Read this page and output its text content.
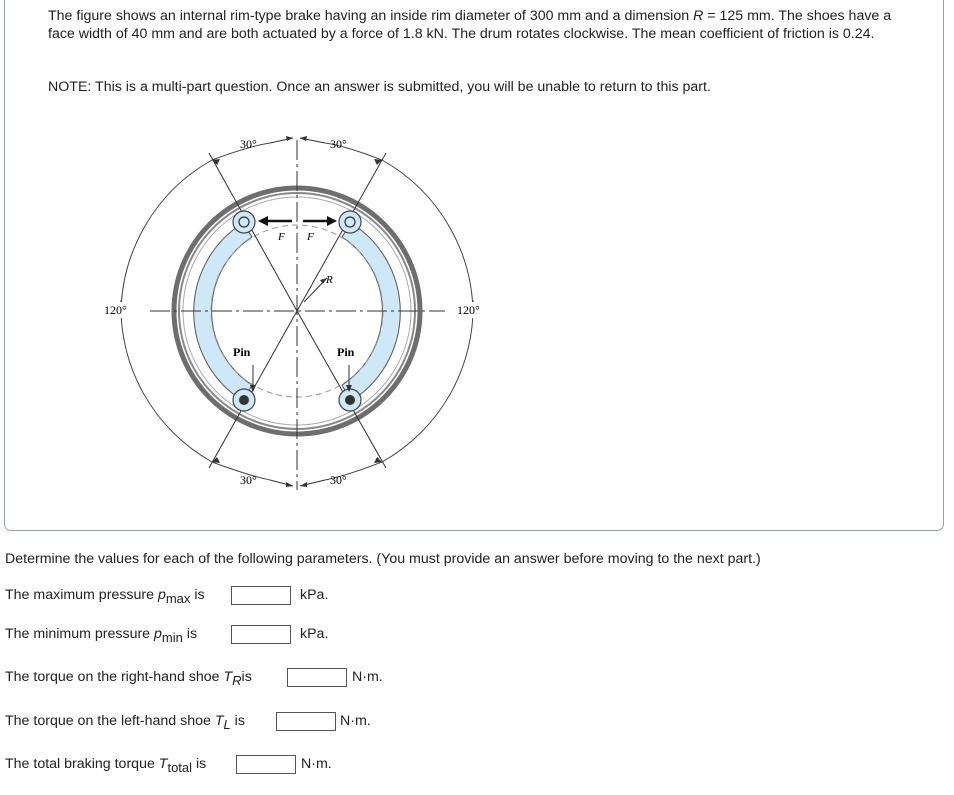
The figure shows an internal rim-type brake having an inside rim diameter of 300 mm and a dimension R = 125 mm. The shoes have a face width of 40 mm and are both actuated by a force of 1.8 kN. The drum rotates clockwise. The mean coefficient of friction is 0.24.

NOTE: This is a multi-part question. Once an answer is submitted, you will be unable to return to this part.

30°	30°
30°	30°
120°	120°
F F
R
Pin	Pin
Determine the values for each of the following parameters. (You must provide an answer before moving to the next part.)
The maximum pressure pmax is	kPa.
The minimum pressure pmin is	kPa.
The torque on the right-hand shoe TRis	N·m.
The torque on the left-hand shoe TL is	N·m.
The total braking torque Ttotal is	N·m.
